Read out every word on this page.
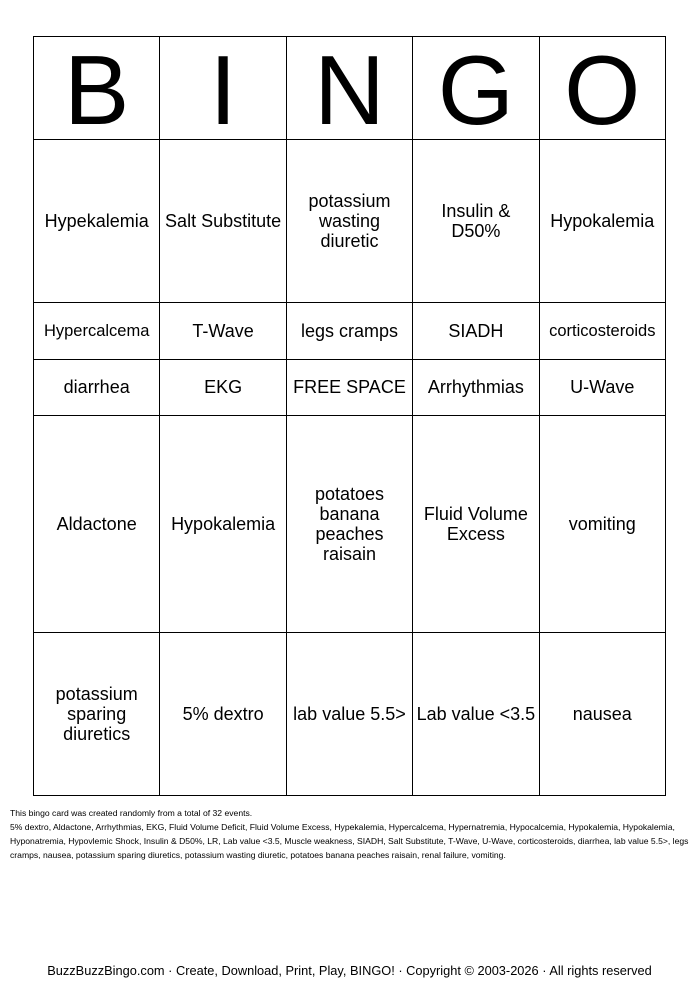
B	I	N	G	O
Hypekalemia	Salt Substitute	potassium wasting diuretic	Insulin & D50%	Hypokalemia
Hypercalcema	T-Wave	legs cramps	SIADH	corticosteroids
diarrhea	EKG	FREE SPACE	Arrhythmias	U-Wave
Aldactone	Hypokalemia	potatoes banana peaches raisain	Fluid Volume Excess	vomiting
potassium sparing diuretics	5% dextro	lab value 5.5>	Lab value <3.5	nausea
This bingo card was created randomly from a total of 32 events.
5% dextro, Aldactone, Arrhythmias, EKG, Fluid Volume Deficit, Fluid Volume Excess, Hypekalemia, Hypercalcema, Hypernatremia, Hypocalcemia, Hypokalemia, Hypokalemia, Hyponatremia, Hypovlemic Shock, Insulin & D50%, LR, Lab value <3.5, Muscle weakness, SIADH, Salt Substitute, T-Wave, U-Wave, corticosteroids, diarrhea, lab value 5.5>, legs cramps, nausea, potassium sparing diuretics, potassium wasting diuretic, potatoes banana peaches raisain, renal failure, vomiting.
BuzzBuzzBingo.com · Create, Download, Print, Play, BINGO! · Copyright © 2003-2026 · All rights reserved
